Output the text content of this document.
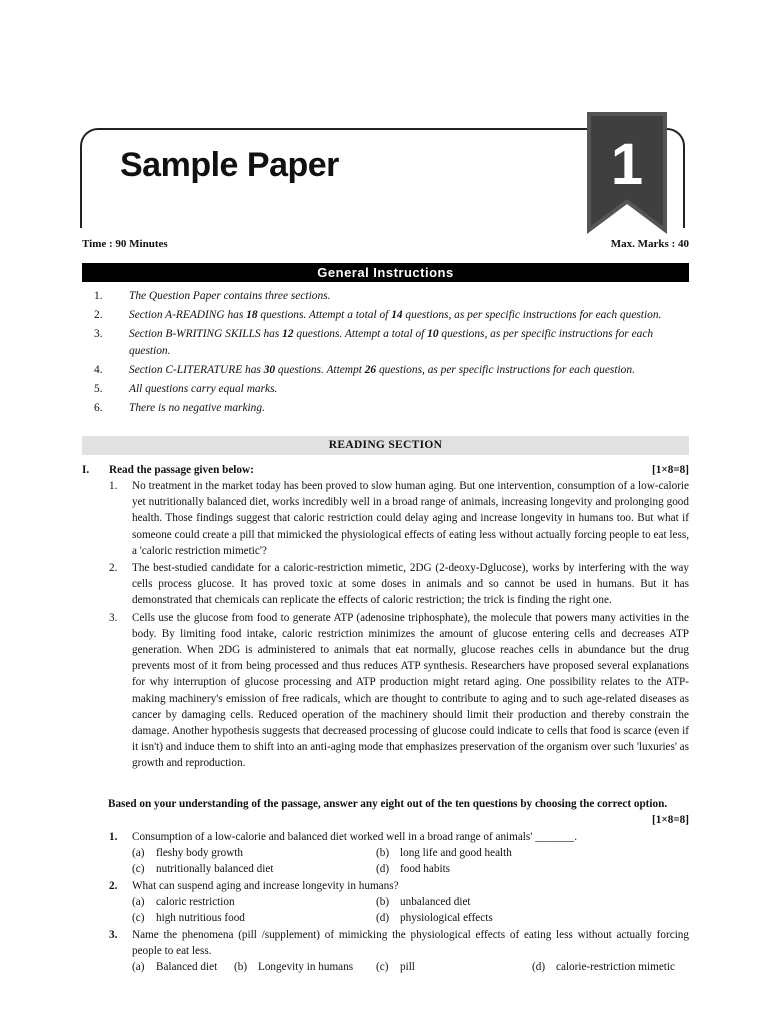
Sample Paper	1
Time : 90 Minutes	Max. Marks : 40
General Instructions
1. The Question Paper contains three sections.
2. Section A-READING has 18 questions. Attempt a total of 14 questions, as per specific instructions for each question.
3. Section B-WRITING SKILLS has 12 questions. Attempt a total of 10 questions, as per specific instructions for each question.
4. Section C-LITERATURE has 30 questions. Attempt 26 questions, as per specific instructions for each question.
5. All questions carry equal marks.
6. There is no negative marking.
READING SECTION
I. Read the passage given below:	[1×8=8]
1. No treatment in the market today has been proved to slow human aging. But one intervention, consumption of a low-calorie yet nutritionally balanced diet, works incredibly well in a broad range of animals, increasing longevity and prolonging good health. Those findings suggest that caloric restriction could delay aging and increase longevity in humans too. But what if someone could create a pill that mimicked the physiological effects of eating less without actually forcing people to eat less, a 'caloric restriction mimetic'?
2. The best-studied candidate for a caloric-restriction mimetic, 2DG (2-deoxy-Dglucose), works by interfering with the way cells process glucose. It has proved toxic at some doses in animals and so cannot be used in humans. But it has demonstrated that chemicals can replicate the effects of caloric restriction; the trick is finding the right one.
3. Cells use the glucose from food to generate ATP (adenosine triphosphate), the molecule that powers many activities in the body. By limiting food intake, caloric restriction minimizes the amount of glucose entering cells and decreases ATP generation. When 2DG is administered to animals that eat normally, glucose reaches cells in abundance but the drug prevents most of it from being processed and thus reduces ATP synthesis. Researchers have proposed several explanations for why interruption of glucose processing and ATP production might retard aging. One possibility relates to the ATP-making machinery's emission of free radicals, which are thought to contribute to aging and to such age-related diseases as cancer by damaging cells. Reduced operation of the machinery should limit their production and thereby constrain the damage. Another hypothesis suggests that decreased processing of glucose could indicate to cells that food is scarce (even if it isn't) and induce them to shift into an anti-aging mode that emphasizes preservation of the organism over such 'luxuries' as growth and reproduction.
Based on your understanding of the passage, answer any eight out of the ten questions by choosing the correct option.
[1×8=8]
1.	Consumption of a low-calorie and balanced diet worked well in a broad range of animals' _______.
(a) fleshy body growth	(b) long life and good health
(c) nutritionally balanced diet	(d) food habits
2.	What can suspend aging and increase longevity in humans?
(a) caloric restriction	(b) unbalanced diet
(c) high nutritious food	(d) physiological effects
3.	Name the phenomena (pill /supplement) of mimicking the physiological effects of eating less without actually forcing people to eat less.
(a) Balanced diet (b) Longevity in humans (c) pill	(d) calorie-restriction mimetic
